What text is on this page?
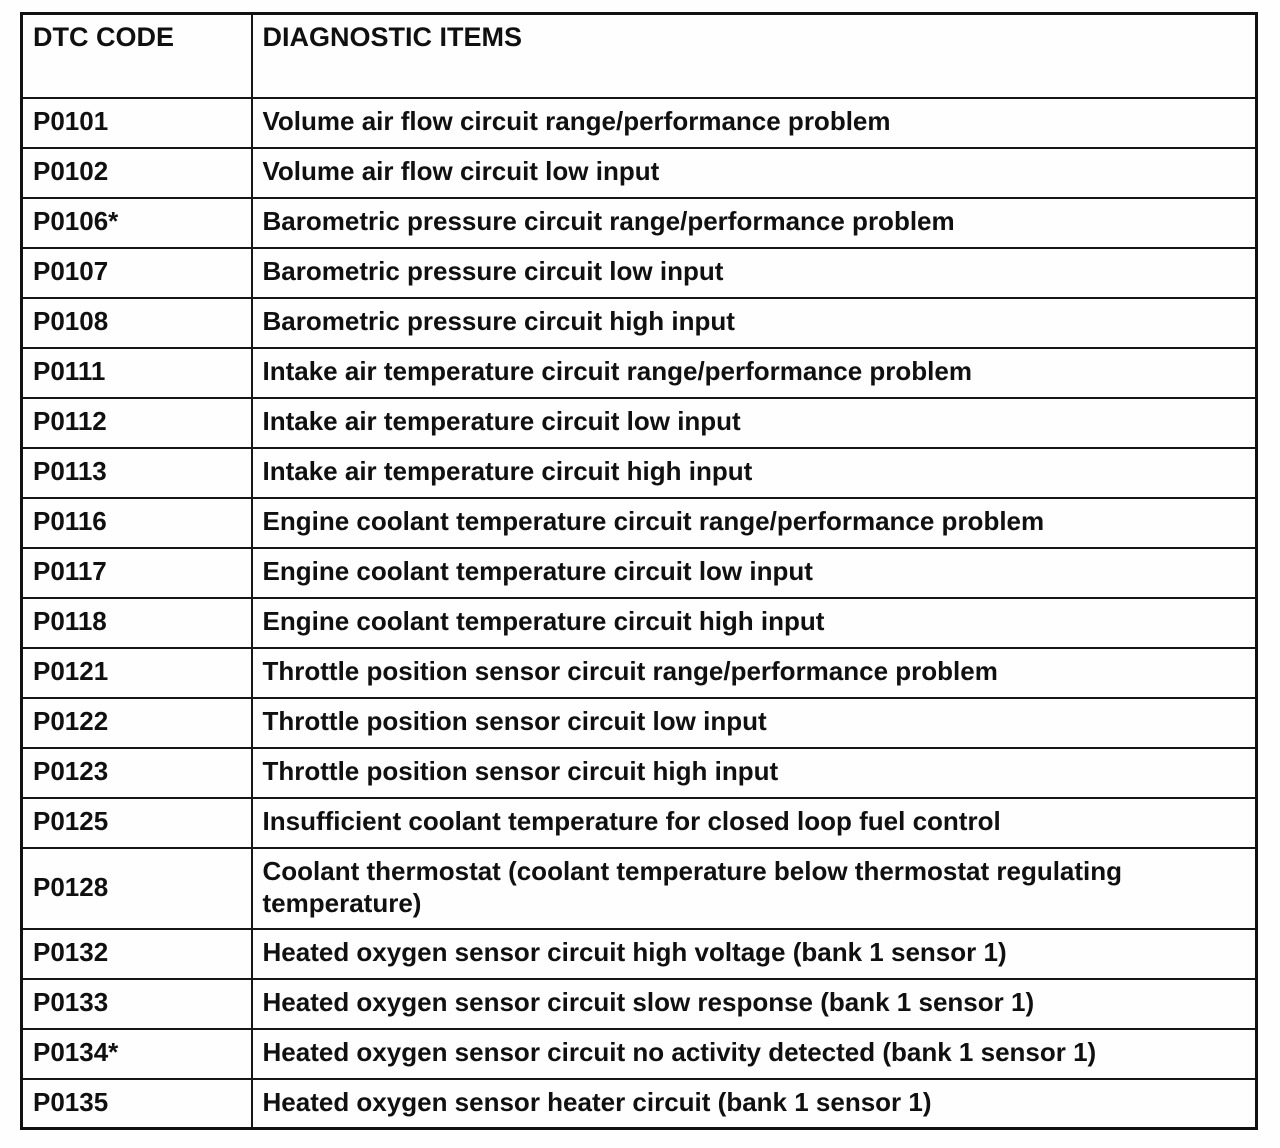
DTC CODE	DIAGNOSTIC ITEMS
P0101	Volume air flow circuit range/performance problem
P0102	Volume air flow circuit low input
P0106*	Barometric pressure circuit range/performance problem
P0107	Barometric pressure circuit low input
P0108	Barometric pressure circuit high input
P0111	Intake air temperature circuit range/performance problem
P0112	Intake air temperature circuit low input
P0113	Intake air temperature circuit high input
P0116	Engine coolant temperature circuit range/performance problem
P0117	Engine coolant temperature circuit low input
P0118	Engine coolant temperature circuit high input
P0121	Throttle position sensor circuit range/performance problem
P0122	Throttle position sensor circuit low input
P0123	Throttle position sensor circuit high input
P0125	Insufficient coolant temperature for closed loop fuel control
P0128	Coolant thermostat (coolant temperature below thermostat regulating temperature)
P0132	Heated oxygen sensor circuit high voltage (bank 1 sensor 1)
P0133	Heated oxygen sensor circuit slow response (bank 1 sensor 1)
P0134*	Heated oxygen sensor circuit no activity detected (bank 1 sensor 1)
P0135	Heated oxygen sensor heater circuit (bank 1 sensor 1)
